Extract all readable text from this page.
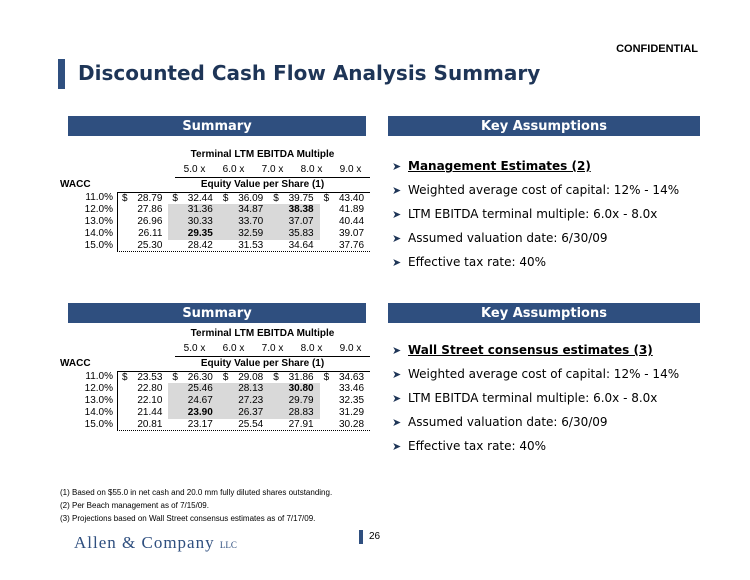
CONFIDENTIAL
Discounted Cash Flow Analysis Summary
Summary	Key Assumptions
Terminal LTM EBITDA Multiple
5.0 x	6.0 x	7.0 x	8.0 x	9.0 x
WACC	Equity Value per Share (1)
11.0% $ 28.79	$ 32.44	$ 36.09	$ 39.75	$ 43.40
12.0%	27.86	31.36	34.87	38.38	41.89
13.0%	26.96	30.33	33.70	37.07	40.44
14.0%	26.11	29.35	32.59	35.83	39.07
15.0%	25.30	28.42	31.53	34.64	37.76
➤ Management Estimates (2)
➤ Weighted average cost of capital: 12% - 14%
➤ LTM EBITDA terminal multiple: 6.0x - 8.0x
➤ Assumed valuation date: 6/30/09
➤ Effective tax rate: 40%
Summary	Key Assumptions
Terminal LTM EBITDA Multiple
5.0 x	6.0 x	7.0 x	8.0 x	9.0 x
WACC	Equity Value per Share (1)
11.0% $ 23.53	$ 26.30	$ 29.08	$ 31.86	$ 34.63
12.0%	22.80	25.46	28.13	30.80	33.46
13.0%	22.10	24.67	27.23	29.79	32.35
14.0%	21.44	23.90	26.37	28.83	31.29
15.0%	20.81	23.17	25.54	27.91	30.28
➤ Wall Street consensus estimates (3)
➤ Weighted average cost of capital: 12% - 14%
➤ LTM EBITDA terminal multiple: 6.0x - 8.0x
➤ Assumed valuation date: 6/30/09
➤ Effective tax rate: 40%
(1) Based on $55.0 in net cash and 20.0 mm fully diluted shares outstanding.
(2) Per Beach management as of 7/15/09.
(3) Projections based on Wall Street consensus estimates as of 7/17/09.
Allen & Company LLC
26
